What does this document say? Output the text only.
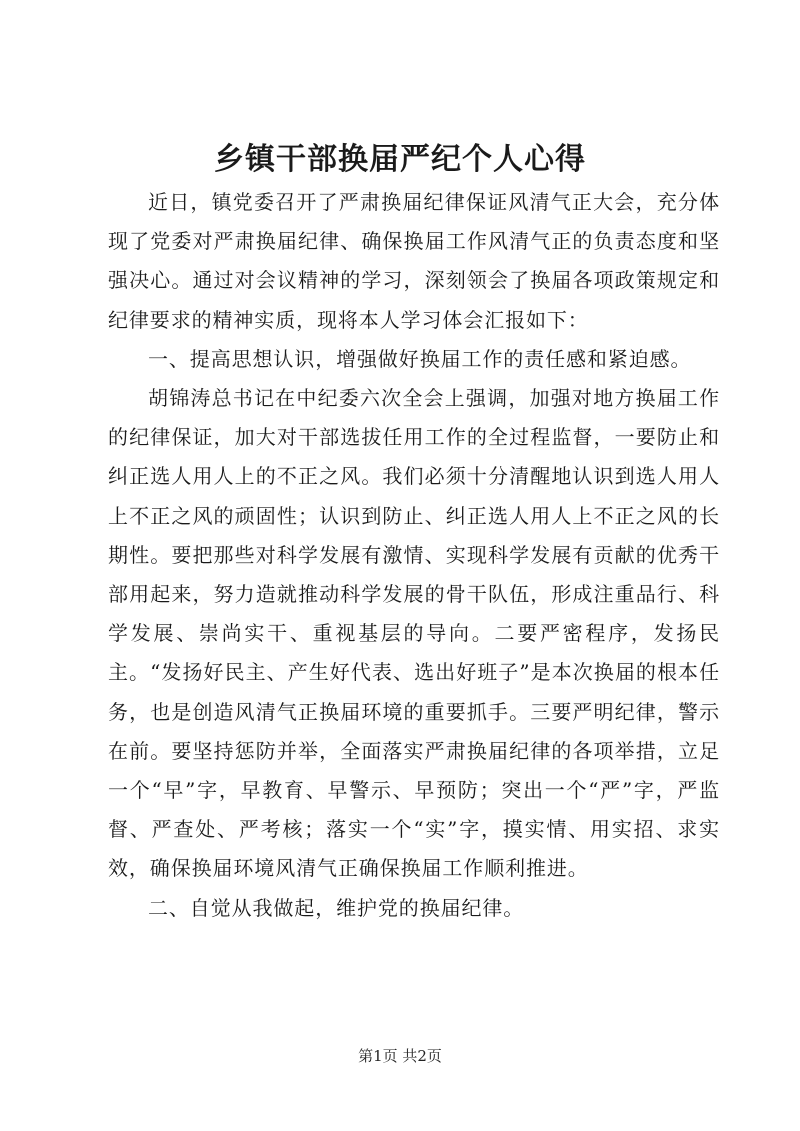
乡镇干部换届严纪个人心得

近日，镇党委召开了严肃换届纪律保证风清气正大会，充分体现了党委对严肃换届纪律、确保换届工作风清气正的负责态度和坚强决心。通过对会议精神的学习，深刻领会了换届各项政策规定和纪律要求的精神实质，现将本人学习体会汇报如下：

一、提高思想认识，增强做好换届工作的责任感和紧迫感。

胡锦涛总书记在中纪委六次全会上强调，加强对地方换届工作的纪律保证，加大对干部选拔任用工作的全过程监督，一要防止和纠正选人用人上的不正之风。我们必须十分清醒地认识到选人用人上不正之风的顽固性；认识到防止、纠正选人用人上不正之风的长期性。要把那些对科学发展有激情、实现科学发展有贡献的优秀干部用起来，努力造就推动科学发展的骨干队伍，形成注重品行、科学发展、崇尚实干、重视基层的导向。二要严密程序，发扬民主。“发扬好民主、产生好代表、选出好班子”是本次换届的根本任务，也是创造风清气正换届环境的重要抓手。三要严明纪律，警示在前。要坚持惩防并举，全面落实严肃换届纪律的各项举措，立足一个“早”字，早教育、早警示、早预防；突出一个“严”字，严监督、严查处、严考核；落实一个“实”字，摸实情、用实招、求实效，确保换届环境风清气正确保换届工作顺利推进。

二、自觉从我做起，维护党的换届纪律。

第1页 共2页
